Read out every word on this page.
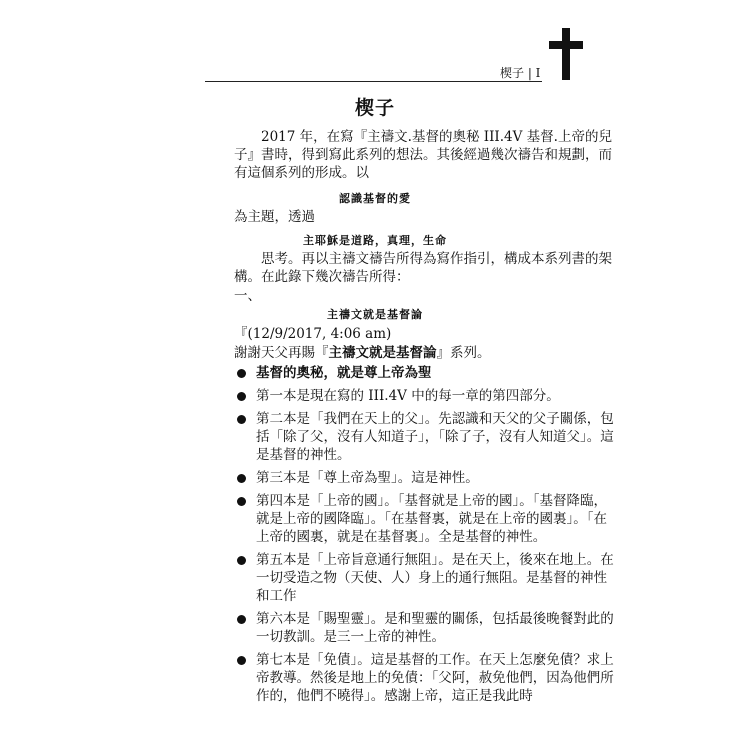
楔子 | I
楔子
2017 年，在寫『主禱文.基督的奧秘 III.4V 基督.上帝的兒子』書時，得到寫此系列的想法。其後經過幾次禱告和規劃，而有這個系列的形成。以
認識基督的愛
為主題，透過
主耶穌是道路，真理，生命
思考。再以主禱文禱告所得為寫作指引，構成本系列書的架構。在此錄下幾次禱告所得：
一、
主禱文就是基督論
『(12/9/2017, 4:06 am)
謝謝天父再賜『主禱文就是基督論』系列。
基督的奧秘，就是尊上帝為聖
第一本是現在寫的 III.4V 中的每一章的第四部分。
第二本是「我們在天上的父」。先認識和天父的父子關係，包括「除了父，沒有人知道子」，「除了子，沒有人知道父」。這是基督的神性。
第三本是「尊上帝為聖」。這是神性。
第四本是「上帝的國」。「基督就是上帝的國」。「基督降臨，就是上帝的國降臨」。「在基督裏，就是在上帝的國裏」。「在上帝的國裏，就是在基督裏」。全是基督的神性。
第五本是「上帝旨意通行無阻」。是在天上，後來在地上。在一切受造之物（天使、人）身上的通行無阻。是基督的神性和工作
第六本是「賜聖靈」。是和聖靈的關係，包括最後晚餐對此的一切教訓。是三一上帝的神性。
第七本是「免債」。這是基督的工作。在天上怎麼免債？求上帝教導。然後是地上的免債：「父阿，赦免他們，因為他們所作的，他們不曉得」。感謝上帝，這正是我此時
